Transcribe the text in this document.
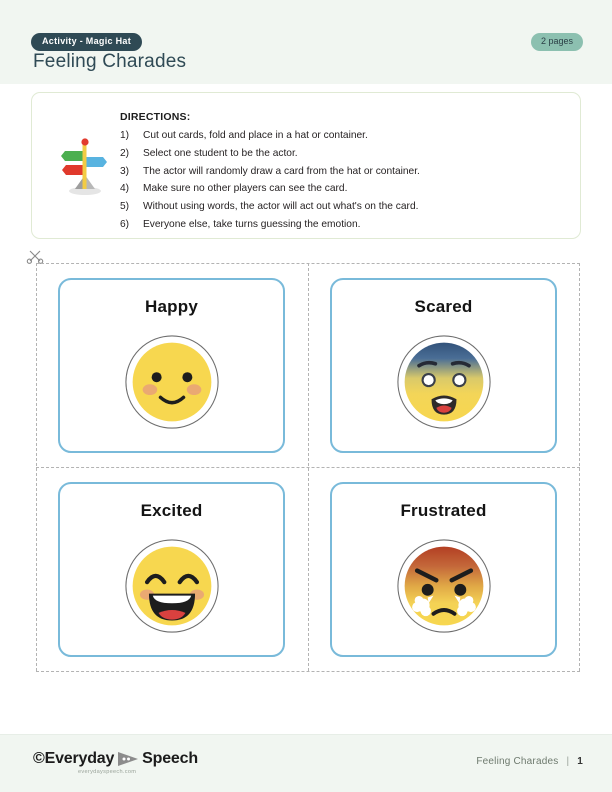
Activity - Magic Hat	2 pages
Feeling Charades
DIRECTIONS:
1)	Cut out cards, fold and place in a hat or container.
2)	Select one student to be the actor.
3)	The actor will randomly draw a card from the hat or container.
4)	Make sure no other players can see the card.
5)	Without using words, the actor will act out what's on the card.
6)	Everyone else, take turns guessing the emotion.
Happy	Scared
Excited	Frustrated
© Everyday Speech
everydayspeech.com
Feeling Charades | 1
